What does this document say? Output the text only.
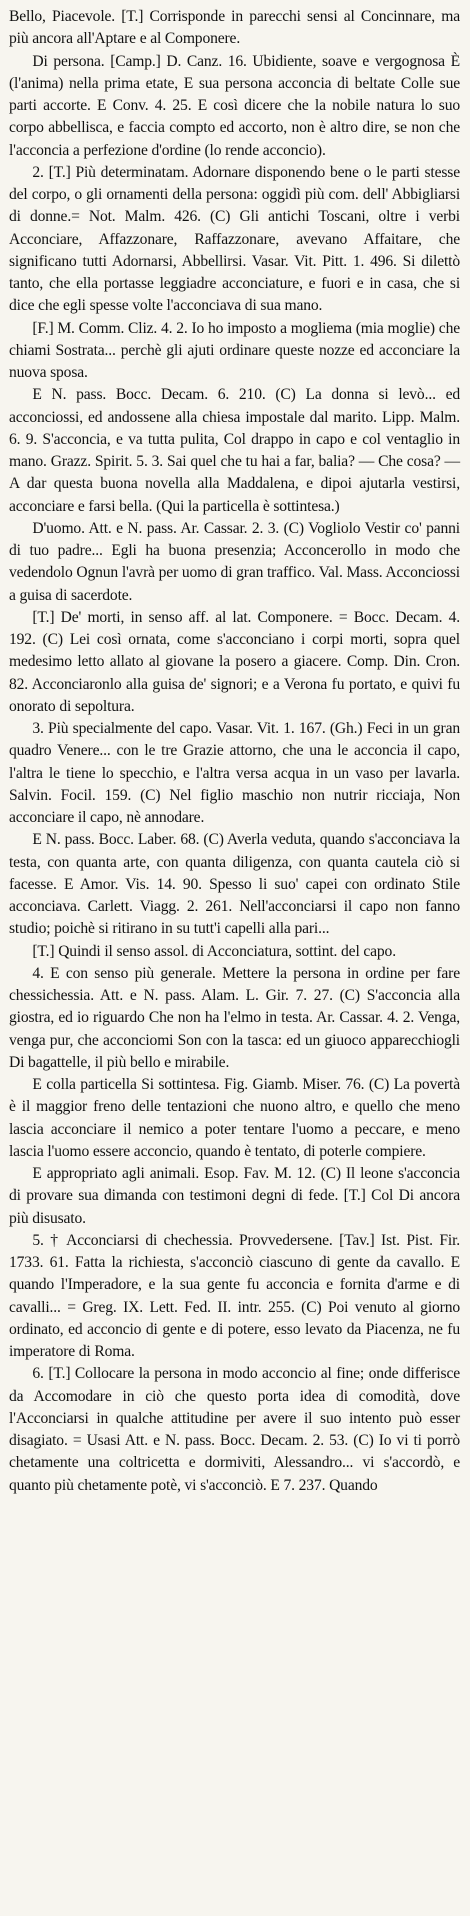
Bello, Piacevole. [T.] Corrisponde in parecchi sensi al Concinnare, ma più ancora all'Aptare e al Componere.

Di persona. [Camp.] D. Canz. 16. Ubidiente, soave e vergognosa È (l'anima) nella prima etate, E sua persona acconcia di beltate Colle sue parti accorte. E Conv. 4. 25. E così dicere che la nobile natura lo suo corpo abbellisca, e faccia compto ed accorto, non è altro dire, se non che l'acconcia a perfezione d'ordine (lo rende acconcio).

2. [T.] Più determinatam. Adornare disponendo bene o le parti stesse del corpo, o gli ornamenti della persona: oggidì più com. dell' Abbigliarsi di donne.= Not. Malm. 426. (C) Gli antichi Toscani, oltre i verbi Acconciare, Affazzonare, Raffazzonare, avevano Affaitare, che significano tutti Adornarsi, Abbellirsi. Vasar. Vit. Pitt. 1. 496. Si dilettò tanto, che ella portasse leggiadre acconciature, e fuori e in casa, che si dice che egli spesse volte l'acconciava di sua mano.

[F.] M. Comm. Cliz. 4. 2. Io ho imposto a mogliema (mia moglie) che chiami Sostrata... perchè gli ajuti ordinare queste nozze ed acconciare la nuova sposa.

E N. pass. Bocc. Decam. 6. 210. (C) La donna si levò... ed acconciossi, ed andossene alla chiesa impostale dal marito. Lipp. Malm. 6. 9. S'acconcia, e va tutta pulita, Col drappo in capo e col ventaglio in mano. Grazz. Spirit. 5. 3. Sai quel che tu hai a far, balia? — Che cosa? — A dar questa buona novella alla Maddalena, e dipoi ajutarla vestirsi, acconciare e farsi bella. (Qui la particella è sottintesa.)

D'uomo. Att. e N. pass. Ar. Cassar. 2. 3. (C) Vogliolo Vestir co' panni di tuo padre... Egli ha buona presenzia; Acconcerollo in modo che vedendolo Ognun l'avrà per uomo di gran traffico. Val. Mass. Acconciossi a guisa di sacerdote.

[T.] De' morti, in senso aff. al lat. Componere. = Bocc. Decam. 4. 192. (C) Lei così ornata, come s'acconciano i corpi morti, sopra quel medesimo letto allato al giovane la posero a giacere. Comp. Din. Cron. 82. Acconciaronlo alla guisa de' signori; e a Verona fu portato, e quivi fu onorato di sepoltura.

3. Più specialmente del capo. Vasar. Vit. 1. 167. (Gh.) Feci in un gran quadro Venere... con le tre Grazie attorno, che una le acconcia il capo, l'altra le tiene lo specchio, e l'altra versa acqua in un vaso per lavarla. Salvin. Focil. 159. (C) Nel figlio maschio non nutrir ricciaja, Non acconciare il capo, nè annodare.

E N. pass. Bocc. Laber. 68. (C) Averla veduta, quando s'acconciava la testa, con quanta arte, con quanta diligenza, con quanta cautela ciò si facesse. E Amor. Vis. 14. 90. Spesso li suo' capei con ordinato Stile acconciava. Carlett. Viagg. 2. 261. Nell'acconciarsi il capo non fanno studio; poichè si ritirano in su tutt'i capelli alla pari...

[T.] Quindi il senso assol. di Acconciatura, sottint. del capo.

4. E con senso più generale. Mettere la persona in ordine per fare chessichessia. Att. e N. pass. Alam. L. Gir. 7. 27. (C) S'acconcia alla giostra, ed io riguardo Che non ha l'elmo in testa. Ar. Cassar. 4. 2. Venga, venga pur, che acconciomi Son con la tasca: ed un giuoco apparecchiogli Di bagattelle, il più bello e mirabile.

E colla particella Si sottintesa. Fig. Giamb. Miser. 76. (C) La povertà è il maggior freno delle tentazioni che nuono altro, e quello che meno lascia acconciare il nemico a poter tentare l'uomo a peccare, e meno lascia l'uomo essere acconcio, quando è tentato, di poterle compiere.

E appropriato agli animali. Esop. Fav. M. 12. (C) Il leone s'acconcia di provare sua dimanda con testimoni degni di fede. [T.] Col Di ancora più disusato.

5. † Acconciarsi di chechessia. Provvedersene. [Tav.] Ist. Pist. Fir. 1733. 61. Fatta la richiesta, s'acconciò ciascuno di gente da cavallo. E quando l'Imperadore, e la sua gente fu acconcia e fornita d'arme e di cavalli... = Greg. IX. Lett. Fed. II. intr. 255. (C) Poi venuto al giorno ordinato, ed acconcio di gente e di potere, esso levato da Piacenza, ne fu imperatore di Roma.

6. [T.] Collocare la persona in modo acconcio al fine; onde differisce da Accomodare in ciò che questo porta idea di comodità, dove l'Acconciarsi in qualche attitudine per avere il suo intento può esser disagiato. = Usasi Att. e N. pass. Bocc. Decam. 2. 53. (C) Io vi ti porrò chetamente una coltricetta e dormiviti, Alessandro... vi s'accordò, e quanto più chetamente potè, vi s'acconciò. E 7. 237. Quando
